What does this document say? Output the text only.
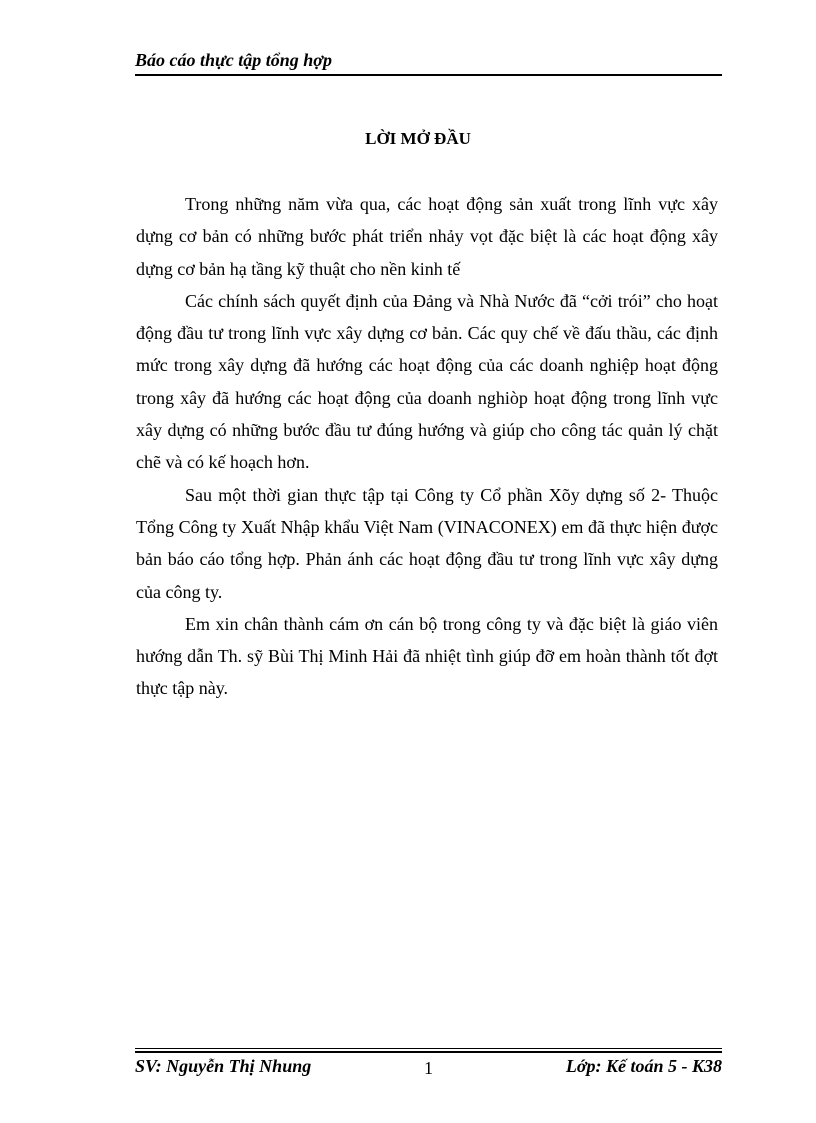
Báo cáo thực tập tổng hợp
LỜI MỞ ĐẦU

Trong những năm vừa qua, các hoạt động sản xuất trong lĩnh vực xây dựng cơ bản có những bước phát triển nhảy vọt đặc biệt là các hoạt động xây dựng cơ bản hạ tầng kỹ thuật cho nền kinh tế

Các chính sách quyết định của Đảng và Nhà Nước đã “cởi trói” cho hoạt động đầu tư trong lĩnh vực xây dựng cơ bản. Các quy chế về đấu thầu, các định mức trong xây dựng đã hướng các hoạt động của các doanh nghiệp hoạt động trong xây đã hướng các hoạt động của doanh nghiòp hoạt động trong lĩnh vực xây dựng có những bước đầu tư đúng hướng và giúp cho công tác quản lý chặt chẽ và có kế hoạch hơn.

Sau một thời gian thực tập tại Công ty Cổ phần Xõy dựng số 2- Thuộc Tổng Công ty Xuất Nhập khẩu Việt Nam (VINACONEX) em đã thực hiện được bản báo cáo tổng hợp. Phản ánh các hoạt động đầu tư trong lĩnh vực xây dựng của công ty.

Em xin chân thành cám ơn cán bộ trong công ty và đặc biệt là giáo viên hướng dẫn Th. sỹ Bùi Thị Minh Hải đã nhiệt tình giúp đỡ em hoàn thành tốt đợt thực tập này.

SV: Nguyễn Thị Nhung	1	Lớp: Kế toán 5 - K38
